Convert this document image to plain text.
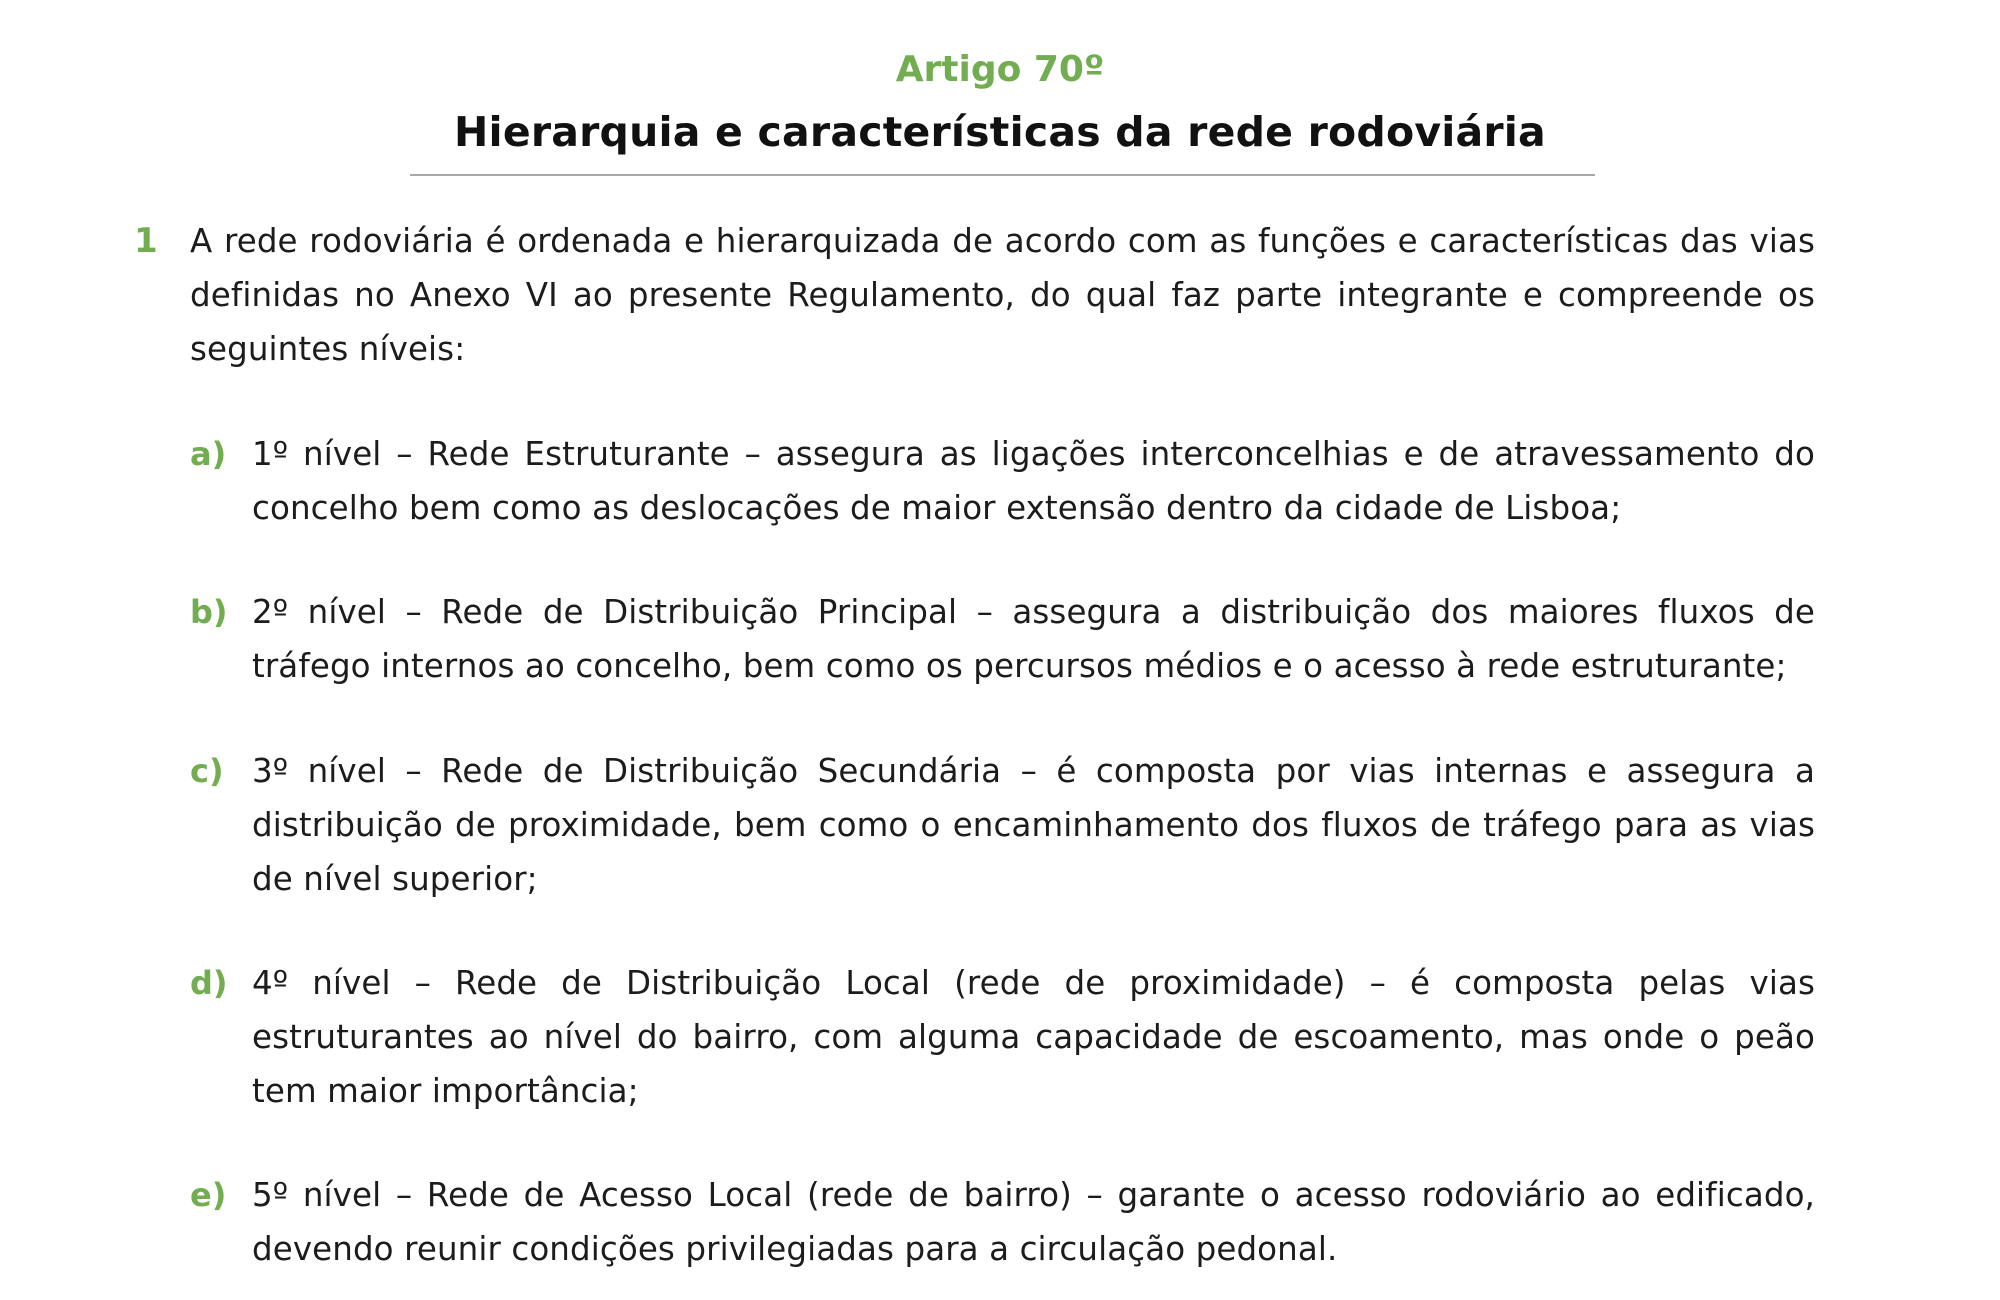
Artigo 70º
Hierarquia e características da rede rodoviária
1 A rede rodoviária é ordenada e hierarquizada de acordo com as funções e características das vias definidas no Anexo VI ao presente Regulamento, do qual faz parte integrante e compreende os seguintes níveis:
a) 1º nível – Rede Estruturante – assegura as ligações interconcelhias e de atravessamento do concelho bem como as deslocações de maior extensão dentro da cidade de Lisboa;
b) 2º nível – Rede de Distribuição Principal – assegura a distribuição dos maiores fluxos de tráfego internos ao concelho, bem como os percursos médios e o acesso à rede estruturante;
c) 3º nível – Rede de Distribuição Secundária – é composta por vias internas e assegura a distribuição de proximidade, bem como o encaminhamento dos fluxos de tráfego para as vias de nível superior;
d) 4º nível – Rede de Distribuição Local (rede de proximidade) – é composta pelas vias estruturantes ao nível do bairro, com alguma capacidade de escoamento, mas onde o peão tem maior importância;
e) 5º nível – Rede de Acesso Local (rede de bairro) – garante o acesso rodoviário ao edificado, devendo reunir condições privilegiadas para a circulação pedonal.
